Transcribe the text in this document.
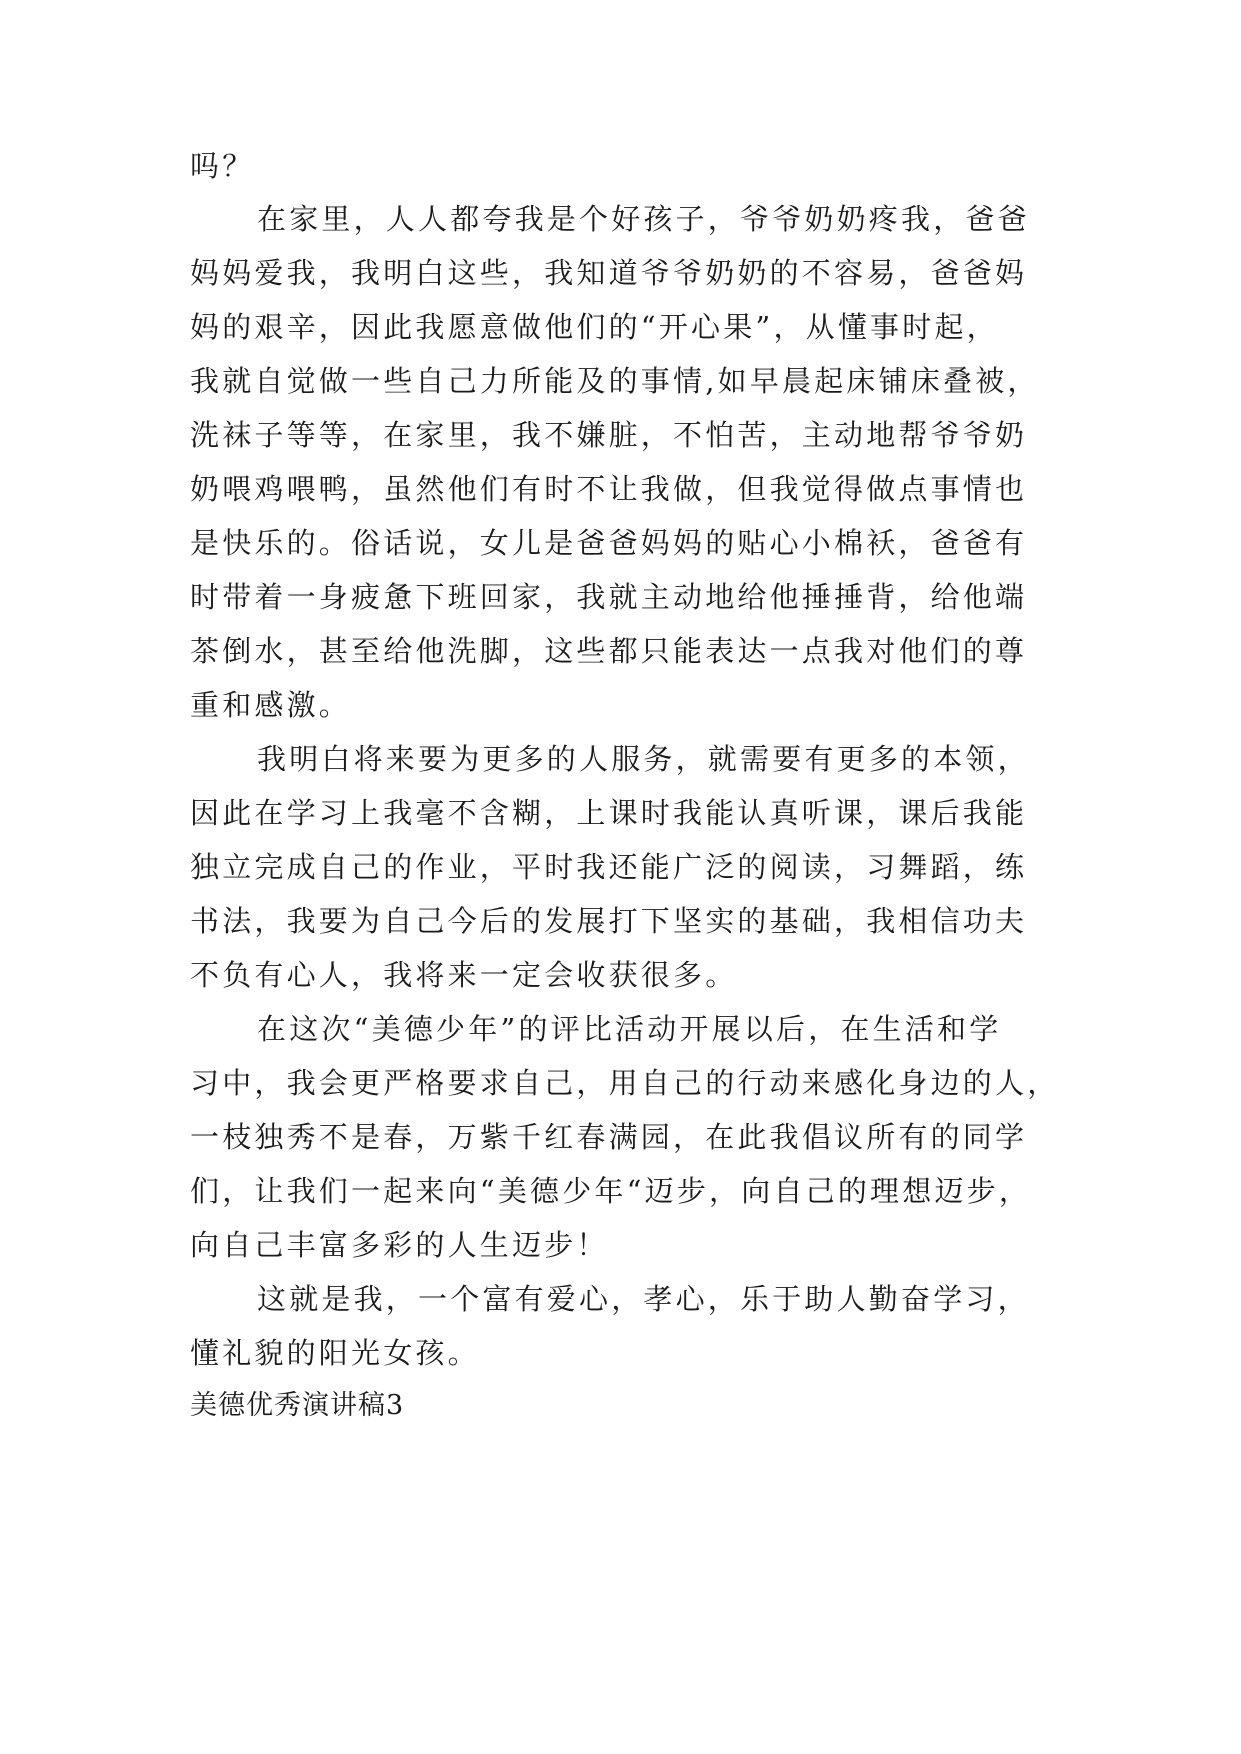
吗？

在家里，人人都夸我是个好孩子，爷爷奶奶疼我，爸爸

妈妈爱我，我明白这些，我知道爷爷奶奶的不容易，爸爸妈

妈的艰辛，因此我愿意做他们的“开心果”，从懂事时起，

我就自觉做一些自己力所能及的事情,如早晨起床铺床叠被，

洗袜子等等，在家里，我不嫌脏，不怕苦，主动地帮爷爷奶

奶喂鸡喂鸭，虽然他们有时不让我做，但我觉得做点事情也

是快乐的。俗话说，女儿是爸爸妈妈的贴心小棉袄，爸爸有

时带着一身疲惫下班回家，我就主动地给他捶捶背，给他端

茶倒水，甚至给他洗脚，这些都只能表达一点我对他们的尊

重和感激。

我明白将来要为更多的人服务，就需要有更多的本领，

因此在学习上我毫不含糊，上课时我能认真听课，课后我能

独立完成自己的作业，平时我还能广泛的阅读，习舞蹈，练

书法，我要为自己今后的发展打下坚实的基础，我相信功夫

不负有心人，我将来一定会收获很多。

在这次“美德少年”的评比活动开展以后，在生活和学

习中，我会更严格要求自己，用自己的行动来感化身边的人，

一枝独秀不是春，万紫千红春满园，在此我倡议所有的同学

们，让我们一起来向“美德少年“迈步，向自己的理想迈步，

向自己丰富多彩的人生迈步！

这就是我，一个富有爱心，孝心，乐于助人勤奋学习，

懂礼貌的阳光女孩。

美德优秀演讲稿3
